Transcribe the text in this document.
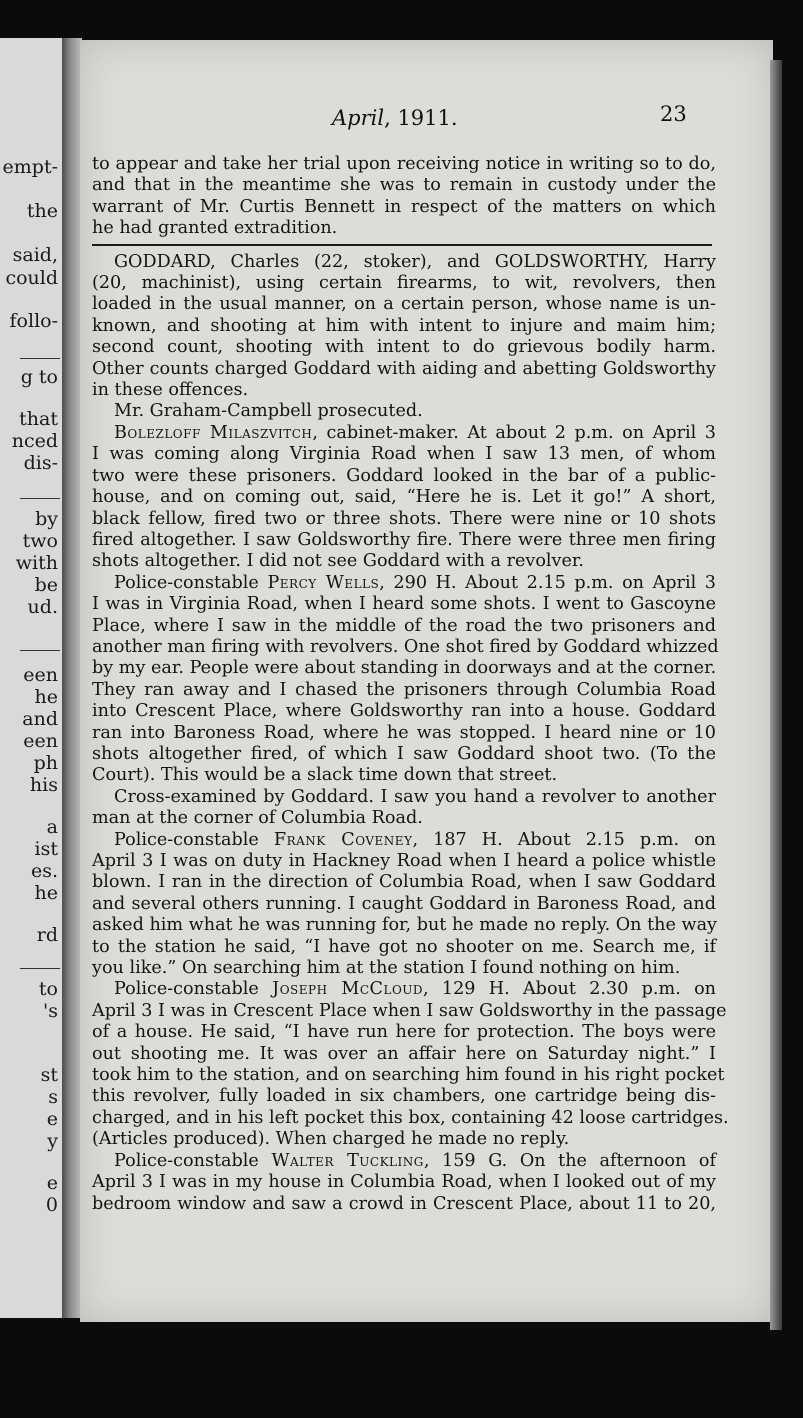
empt-
the
said,
could
follo-
g to
that
nced
dis-
by
two
with
be
ud.
een
he
and
een
ph
his
a
ist
es.
he
rd
to
's
st
s
e
y
e
0
April, 1911.	23
to appear and take her trial upon receiving notice in writing so to do,
and that in the meantime she was to remain in custody under the
warrant of Mr. Curtis Bennett in respect of the matters on which
he had granted extradition.
GODDARD, Charles (22, stoker), and GOLDSWORTHY, Harry
(20, machinist), using certain firearms, to wit, revolvers, then
loaded in the usual manner, on a certain person, whose name is un-
known, and shooting at him with intent to injure and maim him;
second count, shooting with intent to do grievous bodily harm.
Other counts charged Goddard with aiding and abetting Goldsworthy
in these offences.
Mr. Graham-Campbell prosecuted.
Bolezloff Milaszvitch, cabinet-maker. At about 2 p.m. on April 3
I was coming along Virginia Road when I saw 13 men, of whom
two were these prisoners. Goddard looked in the bar of a public-
house, and on coming out, said, “Here he is. Let it go!” A short,
black fellow, fired two or three shots. There were nine or 10 shots
fired altogether. I saw Goldsworthy fire. There were three men firing
shots altogether. I did not see Goddard with a revolver.
Police-constable Percy Wells, 290 H. About 2.15 p.m. on April 3
I was in Virginia Road, when I heard some shots. I went to Gascoyne
Place, where I saw in the middle of the road the two prisoners and
another man firing with revolvers. One shot fired by Goddard whizzed
by my ear. People were about standing in doorways and at the corner.
They ran away and I chased the prisoners through Columbia Road
into Crescent Place, where Goldsworthy ran into a house. Goddard
ran into Baroness Road, where he was stopped. I heard nine or 10
shots altogether fired, of which I saw Goddard shoot two. (To the
Court). This would be a slack time down that street.
Cross-examined by Goddard. I saw you hand a revolver to another
man at the corner of Columbia Road.
Police-constable Frank Coveney, 187 H. About 2.15 p.m. on
April 3 I was on duty in Hackney Road when I heard a police whistle
blown. I ran in the direction of Columbia Road, when I saw Goddard
and several others running. I caught Goddard in Baroness Road, and
asked him what he was running for, but he made no reply. On the way
to the station he said, “I have got no shooter on me. Search me, if
you like.” On searching him at the station I found nothing on him.
Police-constable Joseph McCloud, 129 H. About 2.30 p.m. on
April 3 I was in Crescent Place when I saw Goldsworthy in the passage
of a house. He said, “I have run here for protection. The boys were
out shooting me. It was over an affair here on Saturday night.” I
took him to the station, and on searching him found in his right pocket
this revolver, fully loaded in six chambers, one cartridge being dis-
charged, and in his left pocket this box, containing 42 loose cartridges.
(Articles produced). When charged he made no reply.
Police-constable Walter Tuckling, 159 G. On the afternoon of
April 3 I was in my house in Columbia Road, when I looked out of my
bedroom window and saw a crowd in Crescent Place, about 11 to 20,
